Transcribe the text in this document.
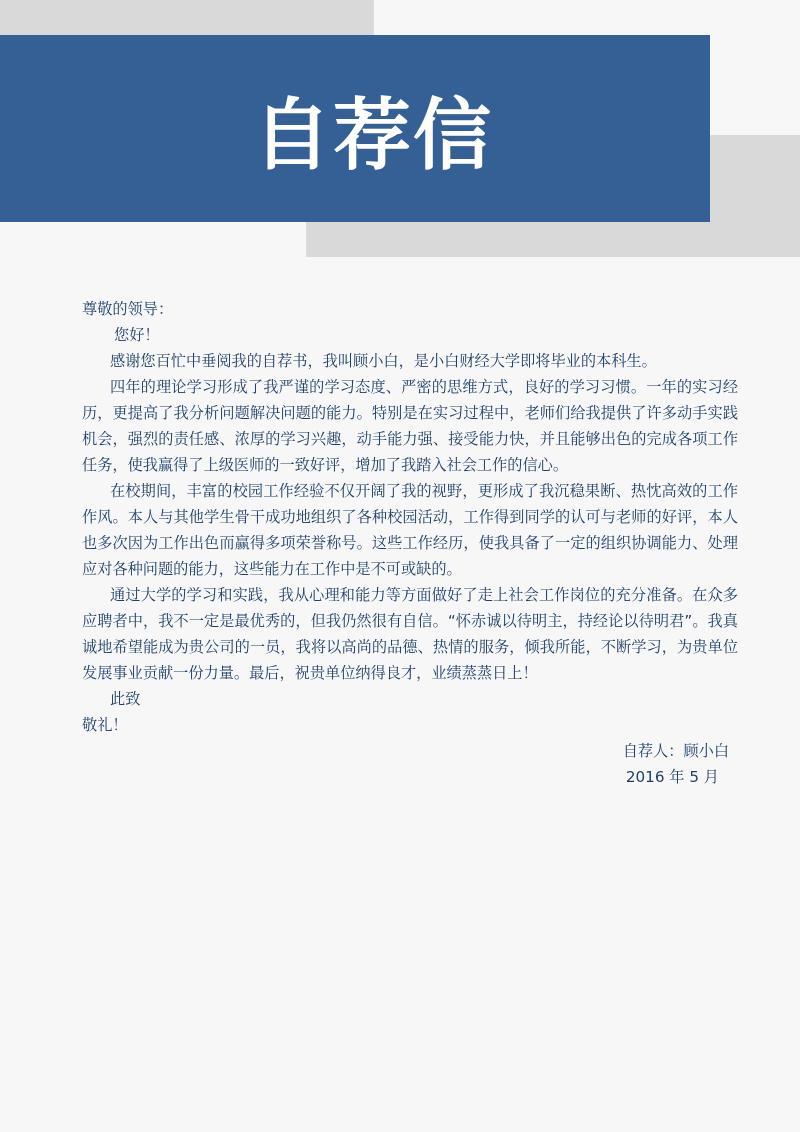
自荐信

尊敬的领导：

您好！

感谢您百忙中垂阅我的自荐书，我叫顾小白，是小白财经大学即将毕业的本科生。

四年的理论学习形成了我严谨的学习态度、严密的思维方式，良好的学习习惯。一年的实习经历，更提高了我分析问题解决问题的能力。特别是在实习过程中，老师们给我提供了许多动手实践机会，强烈的责任感、浓厚的学习兴趣，动手能力强、接受能力快，并且能够出色的完成各项工作任务，使我赢得了上级医师的一致好评，增加了我踏入社会工作的信心。

在校期间，丰富的校园工作经验不仅开阔了我的视野，更形成了我沉稳果断、热忱高效的工作作风。本人与其他学生骨干成功地组织了各种校园活动，工作得到同学的认可与老师的好评，本人也多次因为工作出色而赢得多项荣誉称号。这些工作经历，使我具备了一定的组织协调能力、处理应对各种问题的能力，这些能力在工作中是不可或缺的。

通过大学的学习和实践，我从心理和能力等方面做好了走上社会工作岗位的充分准备。在众多应聘者中，我不一定是最优秀的，但我仍然很有自信。“怀赤诚以待明主，持经论以待明君”。我真诚地希望能成为贵公司的一员，我将以高尚的品德、热情的服务，倾我所能，不断学习，为贵单位发展事业贡献一份力量。最后，祝贵单位纳得良才，业绩蒸蒸日上！

此致

敬礼！

自荐人：顾小白
2016 年 5 月
